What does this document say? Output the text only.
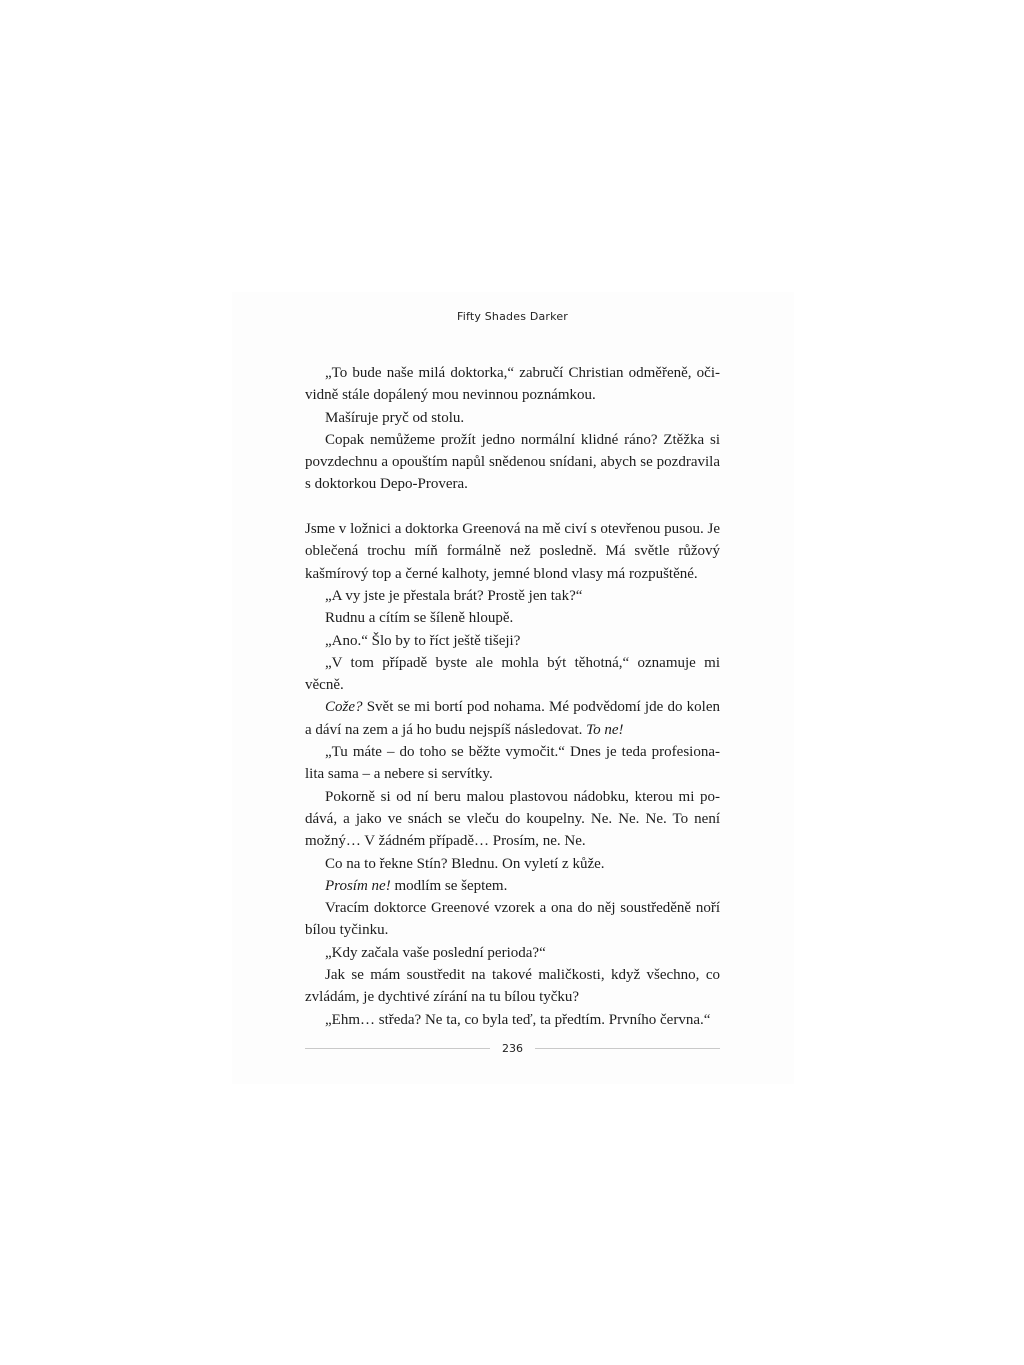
Fifty Shades Darker

„To bude naše milá doktorka,“ zabručí Christian odměřeně, očividně stále dopálený mou nevinnou poznámkou.

Mašíruje pryč od stolu.

Copak nemůžeme prožít jedno normální klidné ráno? Ztěžka si povzdechnu a opouštím napůl snědenou snídani, abych se pozdravila s doktorkou Depo-Provera.

Jsme v ložnici a doktorka Greenová na mě civí s otevřenou pusou. Je oblečená trochu míň formálně než posledně. Má světle růžový kašmírový top a černé kalhoty, jemné blond vlasy má rozpuštěné.

„A vy jste je přestala brát? Prostě jen tak?“

Rudnu a cítím se šíleně hloupě.

„Ano.“ Šlo by to říct ještě tišeji?

„V tom případě byste ale mohla být těhotná,“ oznamuje mi věcně.

Cože? Svět se mi bortí pod nohama. Mé podvědomí jde do kolen a dáví na zem a já ho budu nejspíš následovat. To ne!

„Tu máte – do toho se běžte vymočit.“ Dnes je teda profesionalita sama – a nebere si servítky.

Pokorně si od ní beru malou plastovou nádobku, kterou mi podává, a jako ve snách se vleču do koupelny. Ne. Ne. Ne. To není možný… V žádném případě… Prosím, ne. Ne.

Co na to řekne Stín? Blednu. On vyletí z kůže.

Prosím ne! modlím se šeptem.

Vracím doktorce Greenové vzorek a ona do něj soustředěně noří bílou tyčinku.

„Kdy začala vaše poslední perioda?“

Jak se mám soustředit na takové maličkosti, když všechno, co zvládám, je dychtivé zírání na tu bílou tyčku?

„Ehm… středa? Ne ta, co byla teď, ta předtím. Prvního června.“

236
